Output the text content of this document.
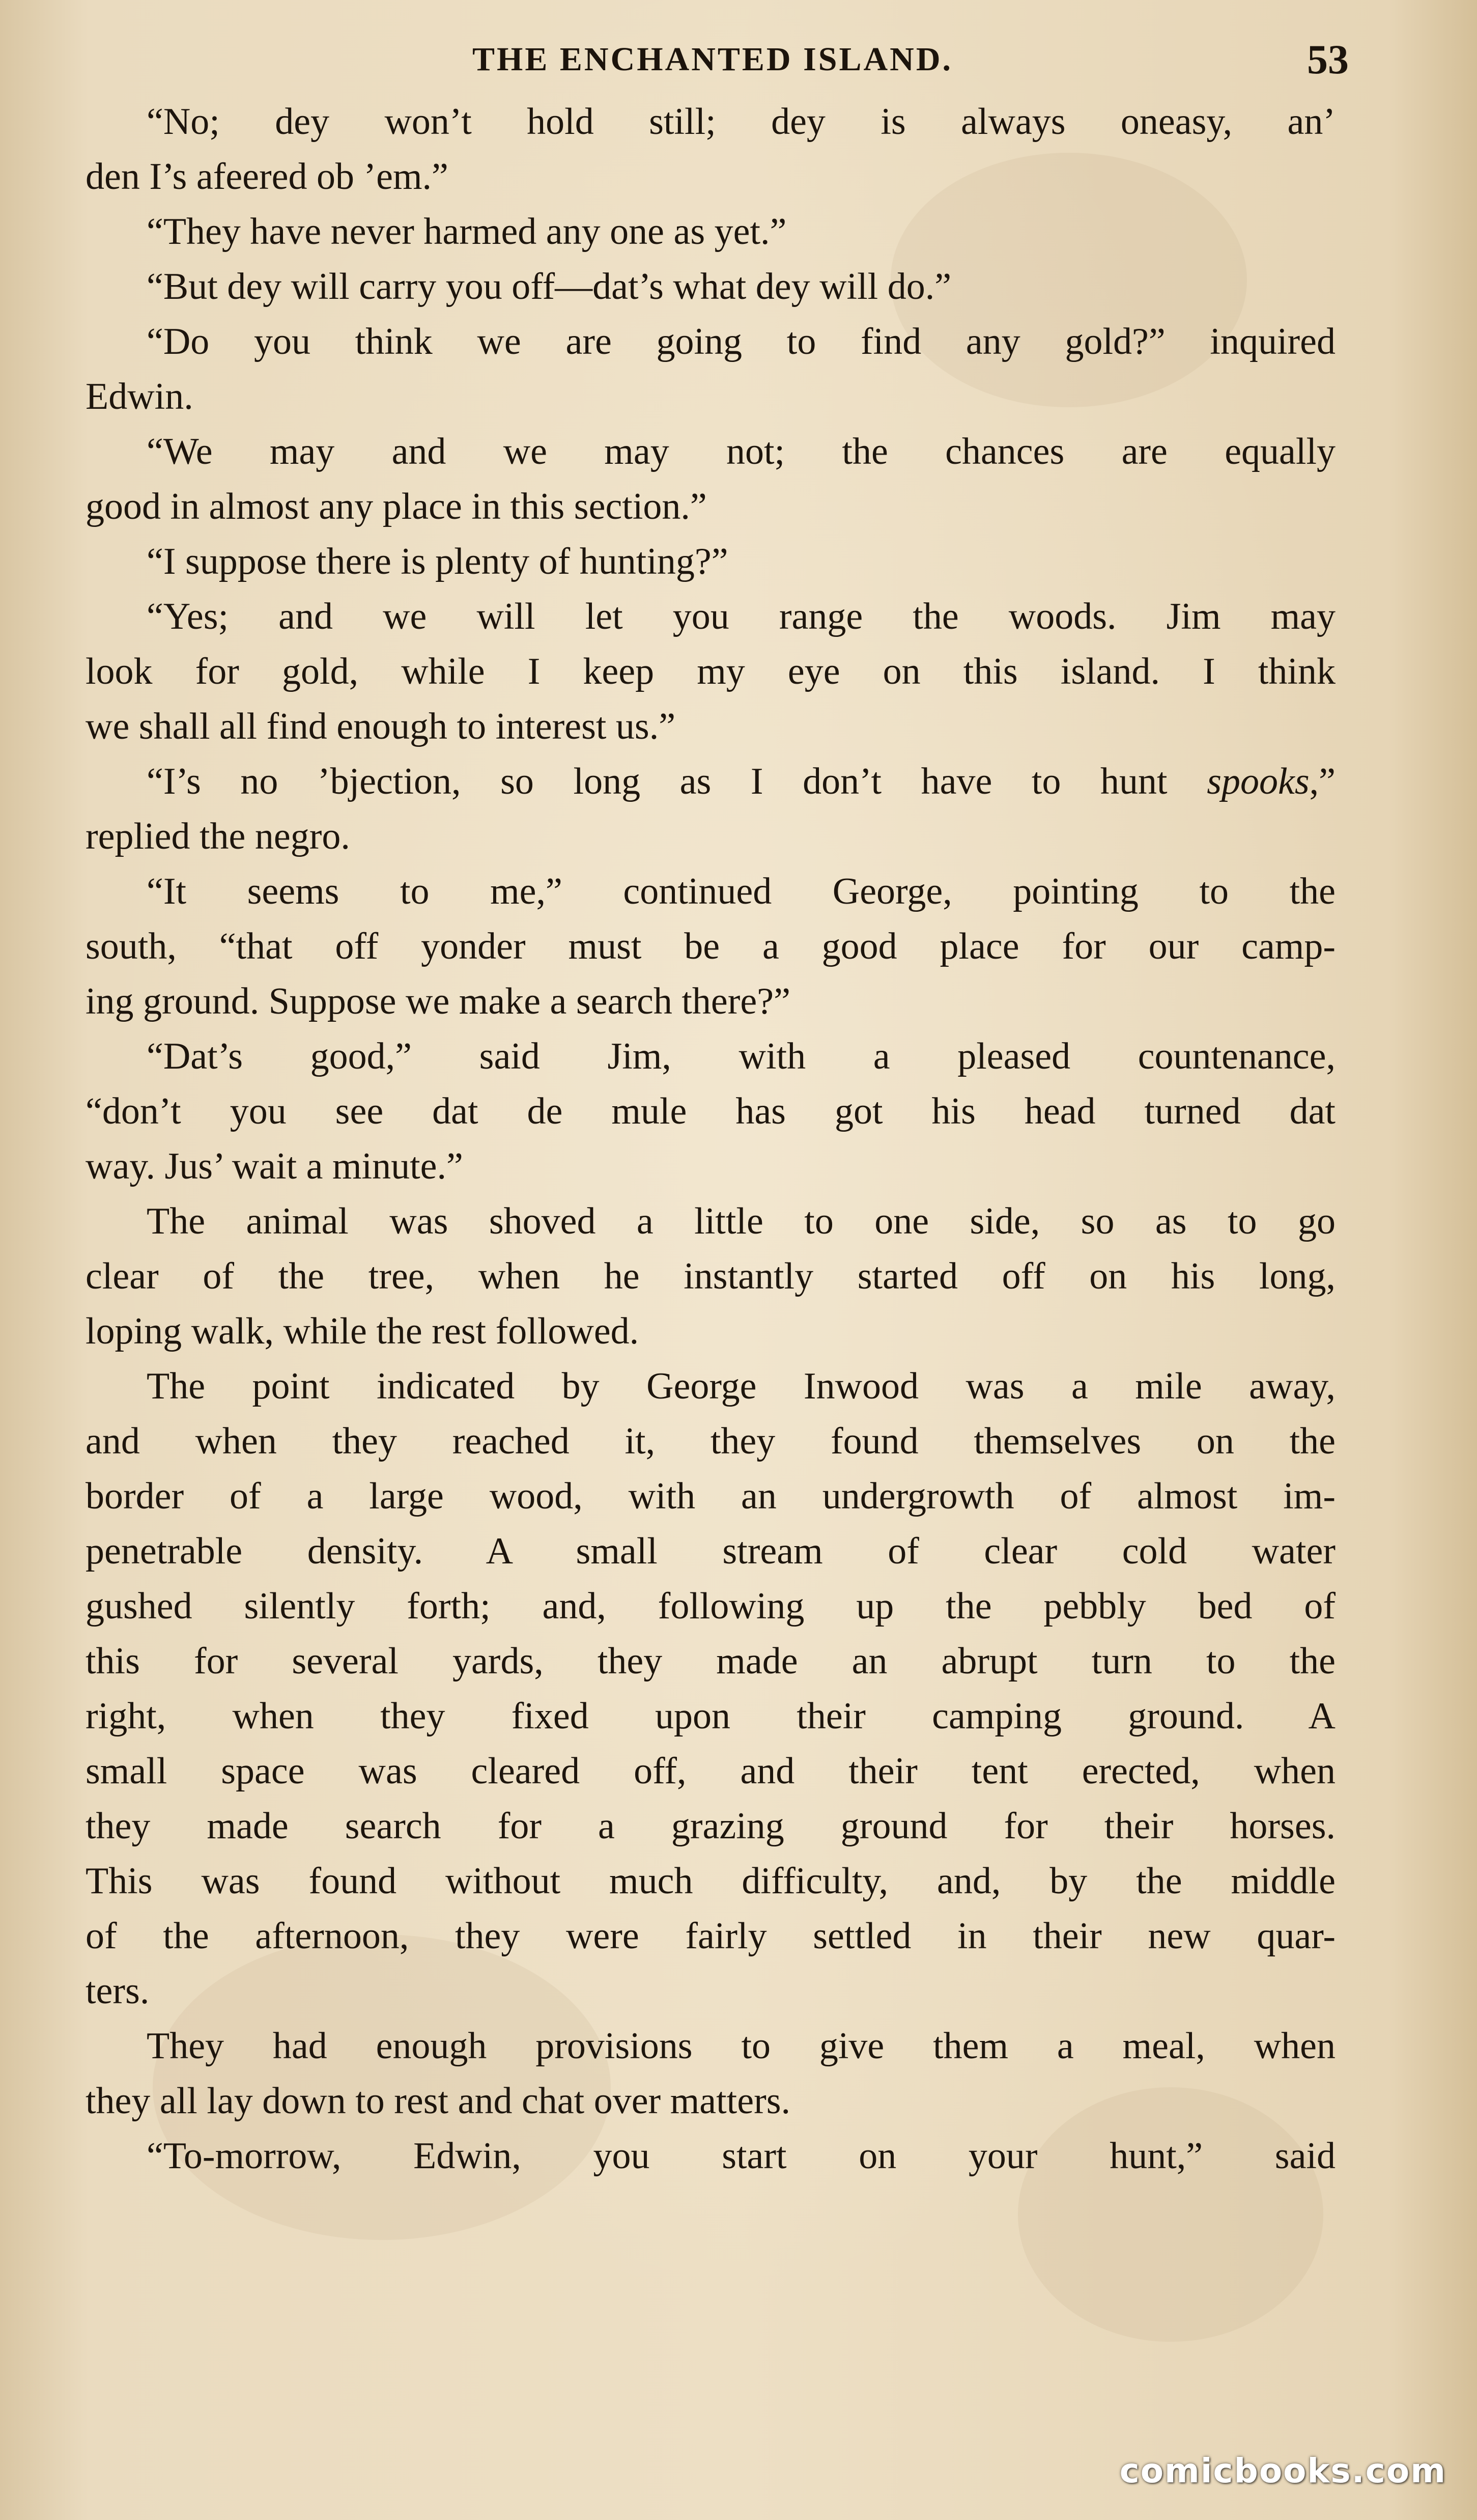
THE ENCHANTED ISLAND.	53
“No; dey won’t hold still; dey is always oneasy, an’
den I’s afeered ob ’em.”
“They have never harmed any one as yet.”
“But dey will carry you off—dat’s what dey will do.”
“Do you think we are going to find any gold?” inquired
Edwin.
“We may and we may not; the chances are equally
good in almost any place in this section.”
“I suppose there is plenty of hunting?”
“Yes; and we will let you range the woods. Jim may
look for gold, while I keep my eye on this island. I think
we shall all find enough to interest us.”
“I’s no ’bjection, so long as I don’t have to hunt spooks,”
replied the negro.
“It seems to me,” continued George, pointing to the
south, “that off yonder must be a good place for our camp-
ing ground. Suppose we make a search there?”
“Dat’s good,” said Jim, with a pleased countenance,
“don’t you see dat de mule has got his head turned dat
way. Jus’ wait a minute.”
The animal was shoved a little to one side, so as to go
clear of the tree, when he instantly started off on his long,
loping walk, while the rest followed.
The point indicated by George Inwood was a mile away,
and when they reached it, they found themselves on the
border of a large wood, with an undergrowth of almost im-
penetrable density. A small stream of clear cold water
gushed silently forth; and, following up the pebbly bed of
this for several yards, they made an abrupt turn to the
right, when they fixed upon their camping ground. A
small space was cleared off, and their tent erected, when
they made search for a grazing ground for their horses.
This was found without much difficulty, and, by the middle
of the afternoon, they were fairly settled in their new quar-
ters.
They had enough provisions to give them a meal, when
they all lay down to rest and chat over matters.
“To-morrow, Edwin, you start on your hunt,” said
comicbooks.com
